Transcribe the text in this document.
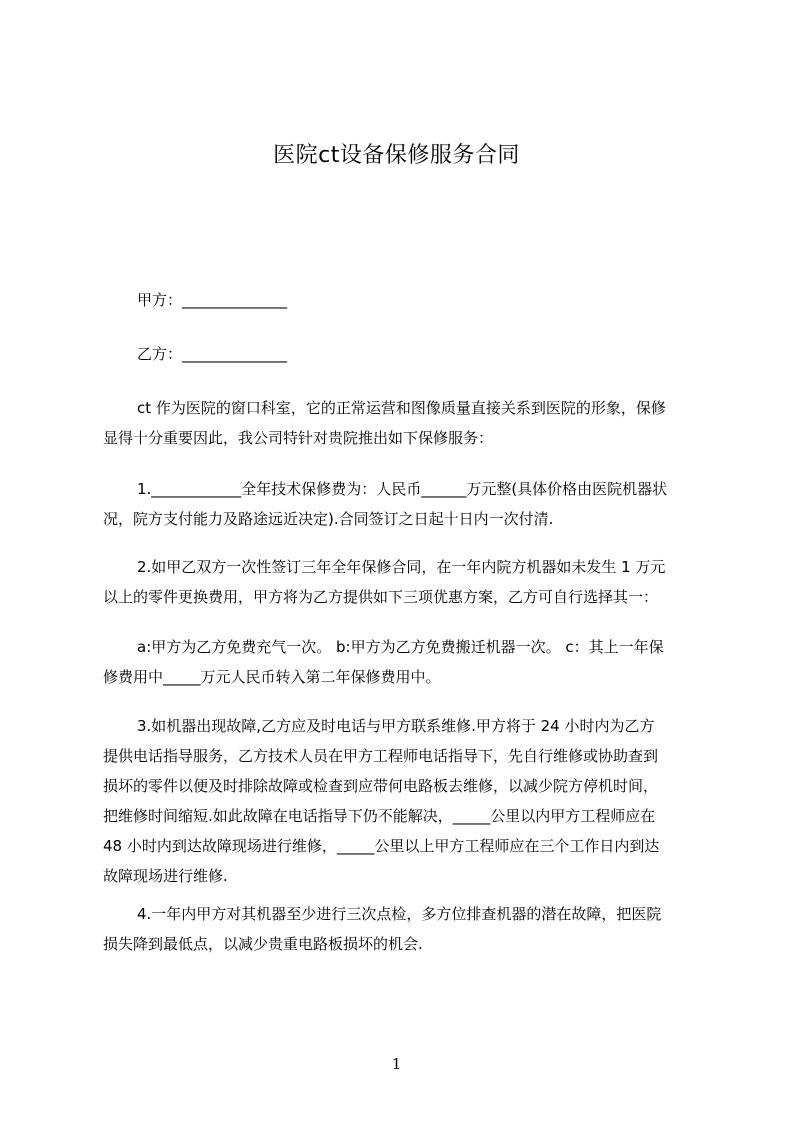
医院ct设备保修服务合同
甲方：______________
乙方：______________
ct 作为医院的窗口科室，它的正常运营和图像质量直接关系到医院的形象，保修
显得十分重要因此，我公司特针对贵院推出如下保修服务：
1.____________全年技术保修费为：人民币______万元整(具体价格由医院机器状
况，院方支付能力及路途远近决定).合同签订之日起十日内一次付清.
2.如甲乙双方一次性签订三年全年保修合同，在一年内院方机器如未发生 1 万元
以上的零件更换费用，甲方将为乙方提供如下三项优惠方案，乙方可自行选择其一：
a:甲方为乙方免费充气一次。 b:甲方为乙方免费搬迁机器一次。 c：其上一年保
修费用中_____万元人民币转入第二年保修费用中。
3.如机器出现故障,乙方应及时电话与甲方联系维修.甲方将于 24 小时内为乙方
提供电话指导服务，乙方技术人员在甲方工程师电话指导下，先自行维修或协助查到
损坏的零件以便及时排除故障或检查到应带何电路板去维修，以减少院方停机时间，
把维修时间缩短.如此故障在电话指导下仍不能解决，_____公里以内甲方工程师应在
48 小时内到达故障现场进行维修，_____公里以上甲方工程师应在三个工作日内到达
故障现场进行维修.
4.一年内甲方对其机器至少进行三次点检，多方位排查机器的潜在故障，把医院
损失降到最低点，以减少贵重电路板损坏的机会.
1
